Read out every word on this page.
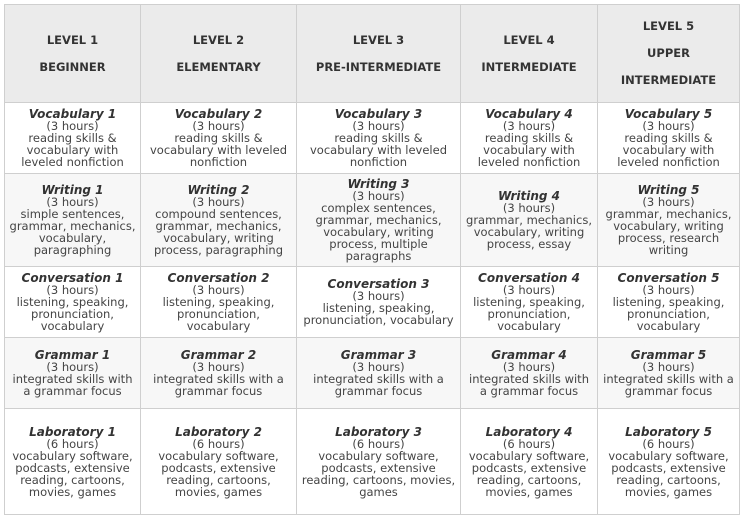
LEVEL 1
BEGINNER	LEVEL 2
ELEMENTARY	LEVEL 3
PRE-INTERMEDIATE	LEVEL 4
INTERMEDIATE	LEVEL 5
UPPER
INTERMEDIATE

Vocabulary 1
(3 hours)
reading skills & vocabulary with leveled nonfiction	Vocabulary 2
(3 hours)
reading skills & vocabulary with leveled nonfiction	Vocabulary 3
(3 hours)
reading skills & vocabulary with leveled nonfiction	Vocabulary 4
(3 hours)
reading skills & vocabulary with leveled nonfiction	Vocabulary 5
(3 hours)
reading skills & vocabulary with leveled nonfiction

Writing 1
(3 hours)
simple sentences, grammar, mechanics, vocabulary, paragraphing	Writing 2
(3 hours)
compound sentences, grammar, mechanics, vocabulary, writing process, paragraphing	Writing 3
(3 hours)
complex sentences, grammar, mechanics, vocabulary, writing process, multiple paragraphs	Writing 4
(3 hours)
grammar, mechanics, vocabulary, writing process, essay	Writing 5
(3 hours)
grammar, mechanics, vocabulary, writing process, research writing

Conversation 1
(3 hours)
listening, speaking, pronunciation, vocabulary	Conversation 2
(3 hours)
listening, speaking, pronunciation, vocabulary	Conversation 3
(3 hours)
listening, speaking, pronunciation, vocabulary	Conversation 4
(3 hours)
listening, speaking, pronunciation, vocabulary	Conversation 5
(3 hours)
listening, speaking, pronunciation, vocabulary

Grammar 1
(3 hours)
integrated skills with a grammar focus	Grammar 2
(3 hours)
integrated skills with a grammar focus	Grammar 3
(3 hours)
integrated skills with a grammar focus	Grammar 4
(3 hours)
integrated skills with a grammar focus	Grammar 5
(3 hours)
integrated skills with a grammar focus

Laboratory 1
(6 hours)
vocabulary software, podcasts, extensive reading, cartoons, movies, games	Laboratory 2
(6 hours)
vocabulary software, podcasts, extensive reading, cartoons, movies, games	Laboratory 3
(6 hours)
vocabulary software, podcasts, extensive reading, cartoons, movies, games	Laboratory 4
(6 hours)
vocabulary software, podcasts, extensive reading, cartoons, movies, games	Laboratory 5
(6 hours)
vocabulary software, podcasts, extensive reading, cartoons, movies, games
